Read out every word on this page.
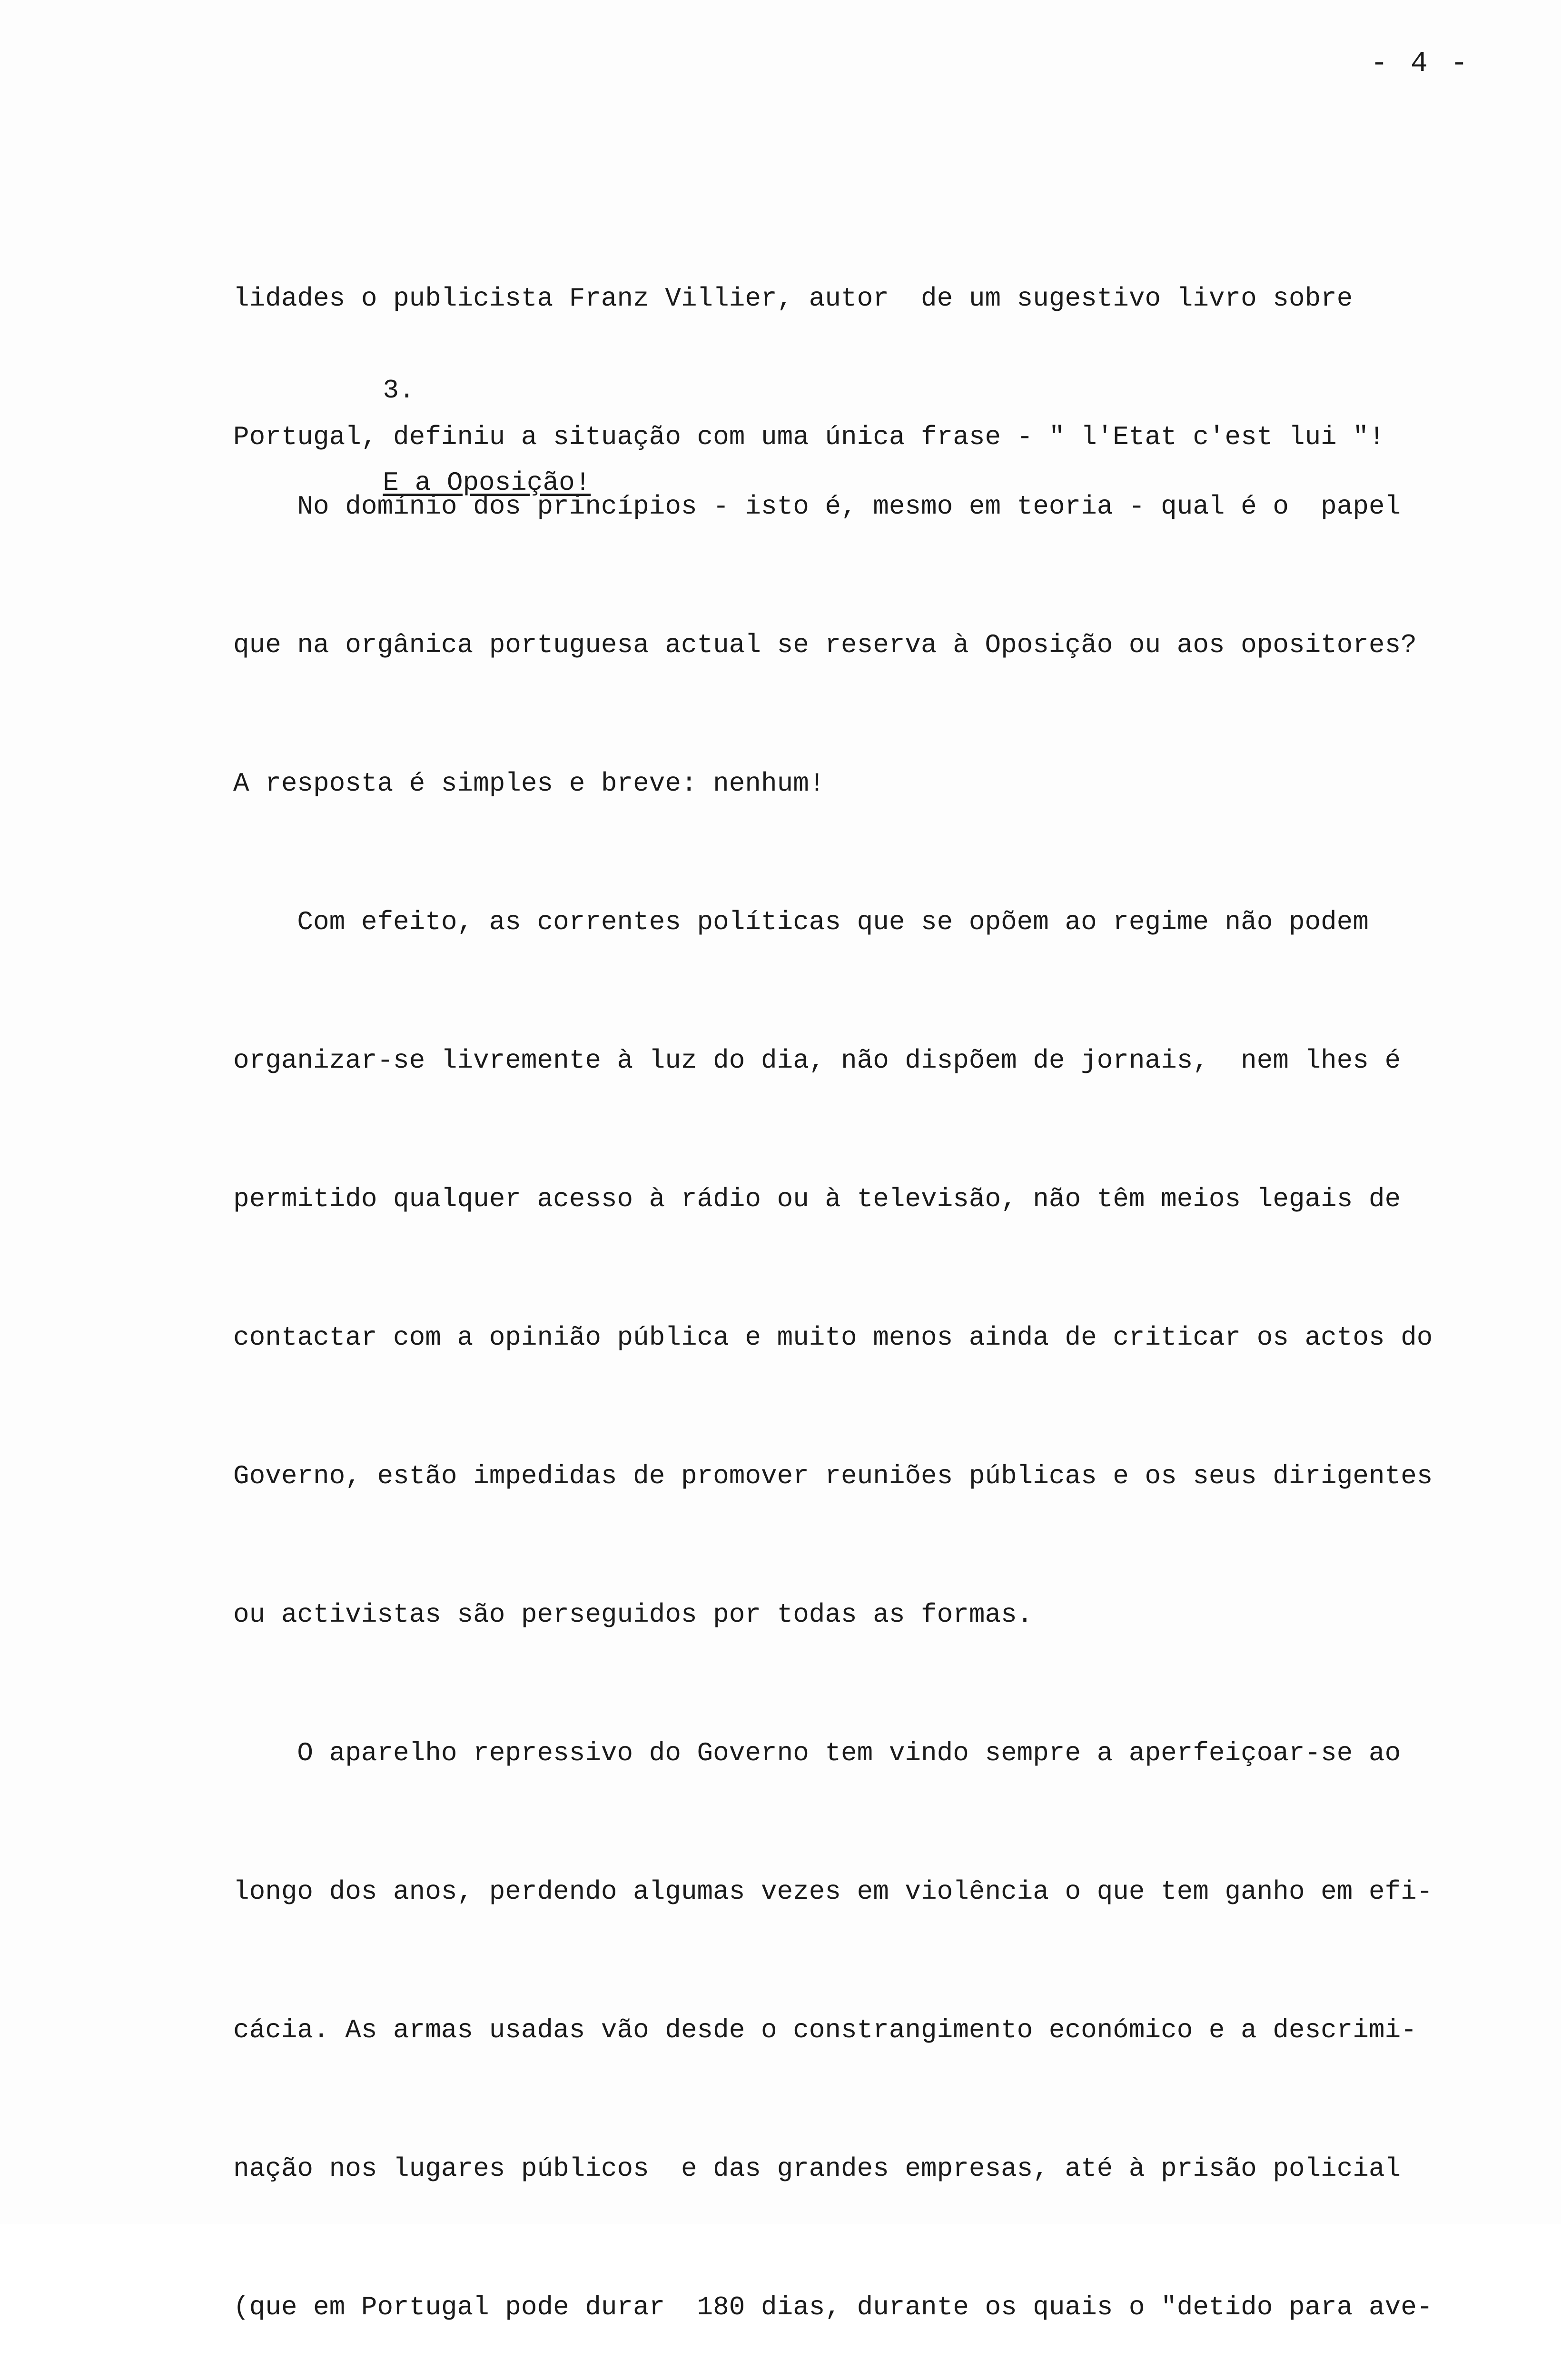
- 4 -

lidades o publicista Franz Villier, autor  de um sugestivo livro sobre

Portugal, definiu a situação com uma única frase - " l'Etat c'est lui "!

3.

E a Oposição!

No domínio dos princípios - isto é, mesmo em teoria - qual é o  papel

que na orgânica portuguesa actual se reserva à Oposição ou aos opositores?

A resposta é simples e breve: nenhum!

Com efeito, as correntes políticas que se opõem ao regime não podem

organizar-se livremente à luz do dia, não dispõem de jornais,  nem lhes é

permitido qualquer acesso à rádio ou à televisão, não têm meios legais de

contactar com a opinião pública e muito menos ainda de criticar os actos do

Governo, estão impedidas de promover reuniões públicas e os seus dirigentes

ou activistas são perseguidos por todas as formas.

O aparelho repressivo do Governo tem vindo sempre a aperfeiçoar-se ao

longo dos anos, perdendo algumas vezes em violência o que tem ganho em efi-

cácia. As armas usadas vão desde o constrangimento económico e a descrimi-

nação nos lugares públicos  e das grandes empresas, até à prisão policial

(que em Portugal pode durar  180 dias, durante os quais o "detido para ave-
